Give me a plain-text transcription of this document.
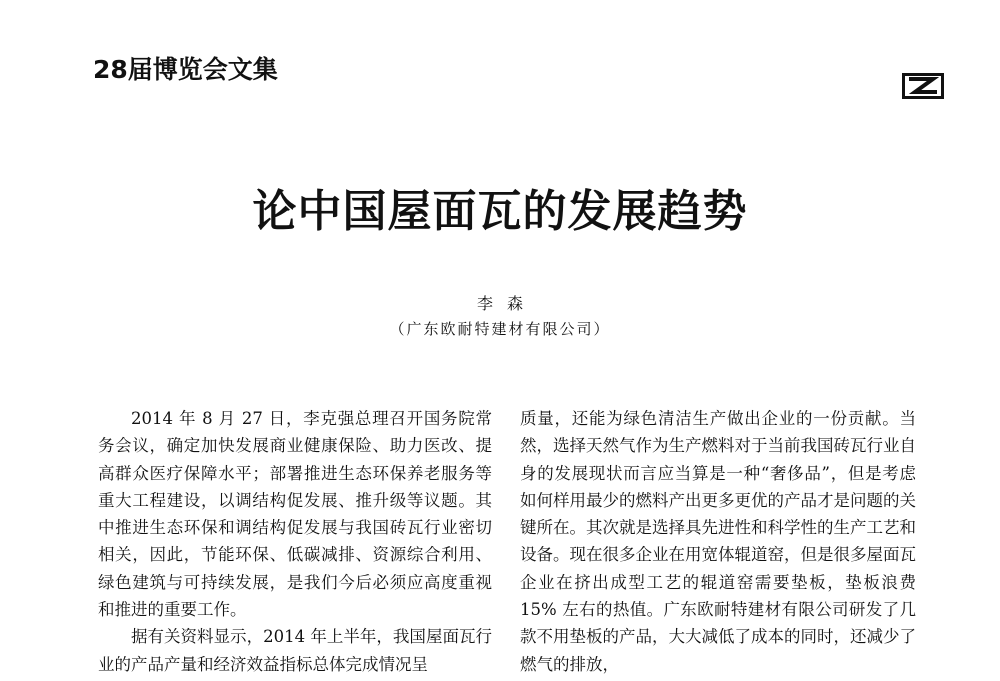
28届博览会文集
论中国屋面瓦的发展趋势
李森
（广东欧耐特建材有限公司）

2014 年 8 月 27 日，李克强总理召开国务院常务会议，确定加快发展商业健康保险、助力医改、提高群众医疗保障水平；部署推进生态环保养老服务等重大工程建设，以调结构促发展、推升级等议题。其中推进生态环保和调结构促发展与我国砖瓦行业密切相关，因此，节能环保、低碳减排、资源综合利用、绿色建筑与可持续发展，是我们今后必须应高度重视和推进的重要工作。

据有关资料显示，2014 年上半年，我国屋面瓦行业的产品产量和经济效益指标总体完成情况呈

质量，还能为绿色清洁生产做出企业的一份贡献。当然，选择天然气作为生产燃料对于当前我国砖瓦行业自身的发展现状而言应当算是一种“奢侈品”，但是考虑如何样用最少的燃料产出更多更优的产品才是问题的关键所在。其次就是选择具先进性和科学性的生产工艺和设备。现在很多企业在用宽体辊道窑，但是很多屋面瓦企业在挤出成型工艺的辊道窑需要垫板，垫板浪费 15% 左右的热值。广东欧耐特建材有限公司研发了几款不用垫板的产品，大大减低了成本的同时，还减少了燃气的排放，
